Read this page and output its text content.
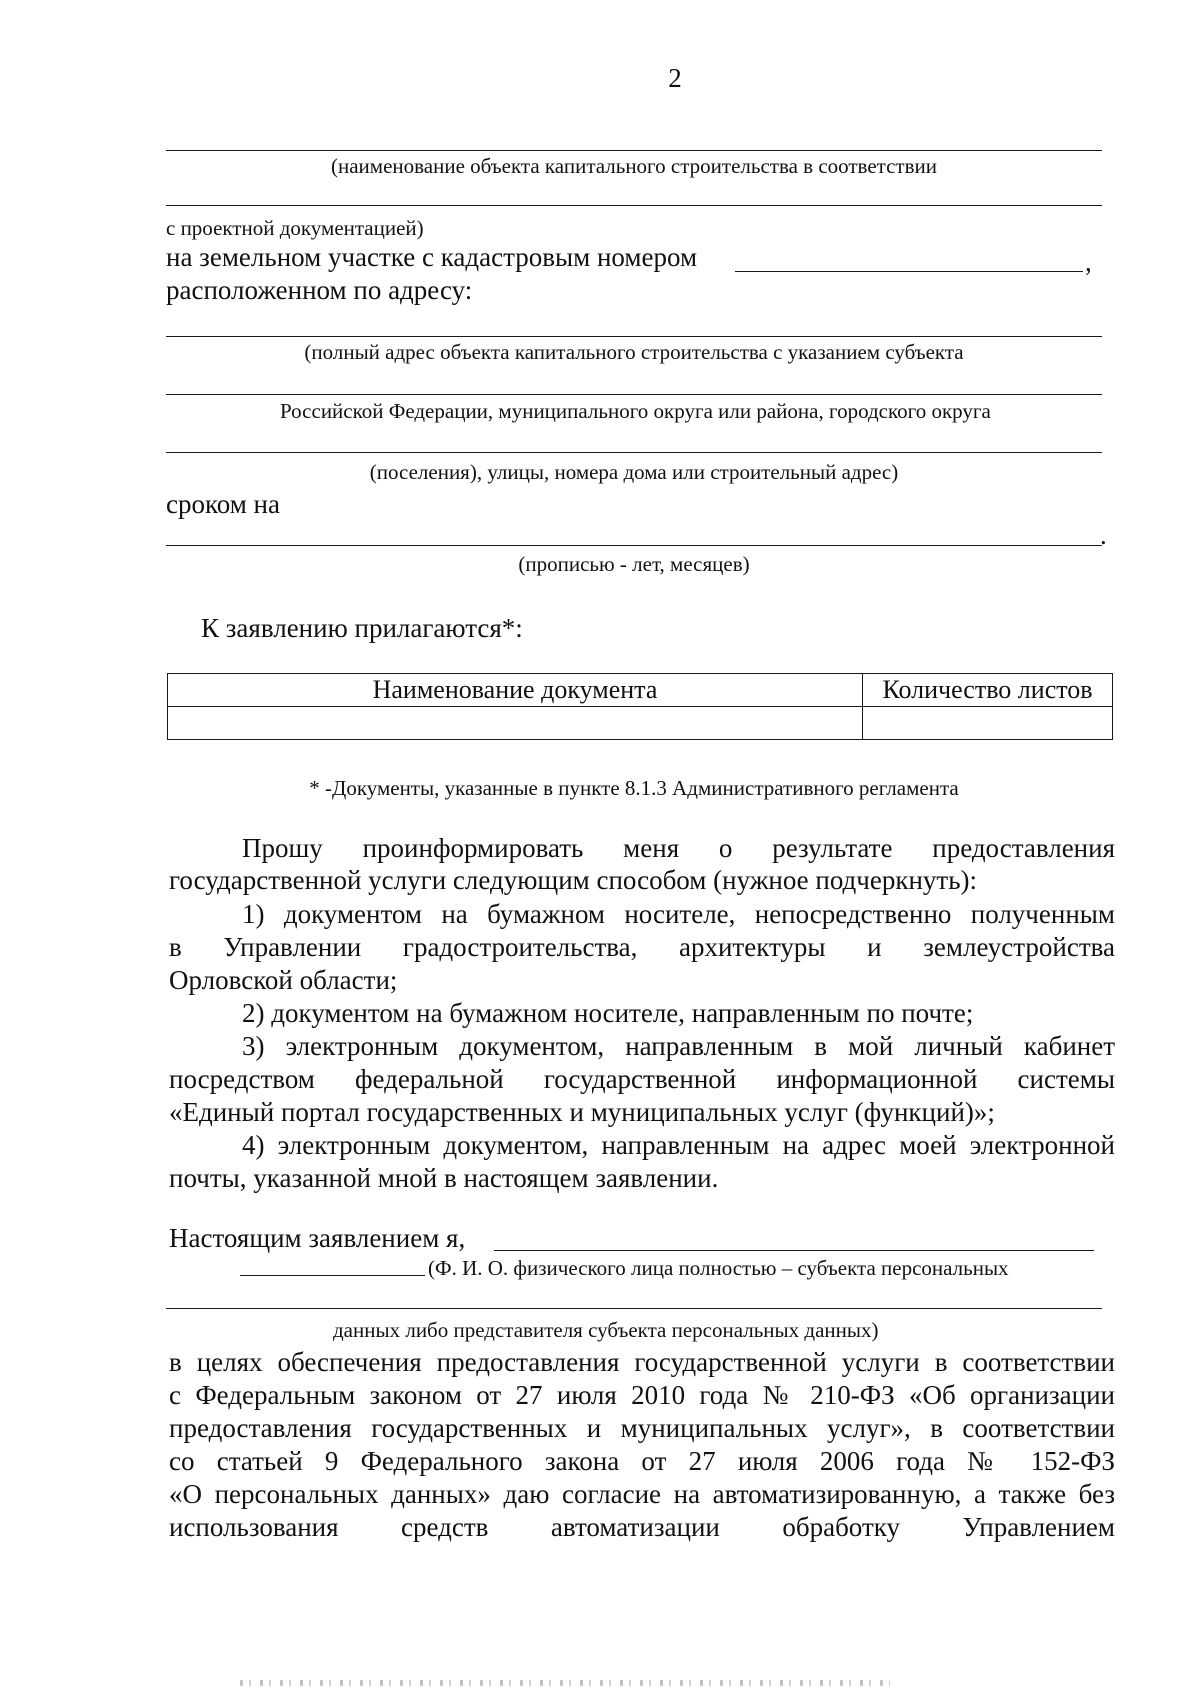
2
(наименование объекта капитального строительства в соответствии
с проектной документацией)
на земельном участке с кадастровым номером	,
расположенном по адресу:
(полный адрес объекта капитального строительства с указанием субъекта
Российской Федерации, муниципального округа или района, городского округа
(поселения), улицы, номера дома или строительный адрес)
сроком на
.
(прописью - лет, месяцев)
К заявлению прилагаются*:
Наименование документа	Количество листов

* -Документы, указанные в пункте 8.1.3 Административного регламента
Прошу проинформировать меня о результате предоставления
государственной услуги следующим способом (нужное подчеркнуть):
1) документом на бумажном носителе, непосредственно полученным
в Управлении градостроительства, архитектуры и землеустройства
Орловской области;
2) документом на бумажном носителе, направленным по почте;
3) электронным документом, направленным в мой личный кабинет
посредством федеральной государственной информационной системы
«Единый портал государственных и муниципальных услуг (функций)»;
4) электронным документом, направленным на адрес моей электронной
почты, указанной мной в настоящем заявлении.
Настоящим заявлением я,
(Ф. И. О. физического лица полностью – субъекта персональных
данных либо представителя субъекта персональных данных)
в целях обеспечения предоставления государственной услуги в соответствии
с Федеральным законом от 27 июля 2010 года № 210-ФЗ «Об организации
предоставления государственных и муниципальных услуг», в соответствии
со статьей 9 Федерального закона от 27 июля 2006 года № 152-ФЗ
«О персональных данных» даю согласие на автоматизированную, а также без
использования средств автоматизации обработку Управлением
